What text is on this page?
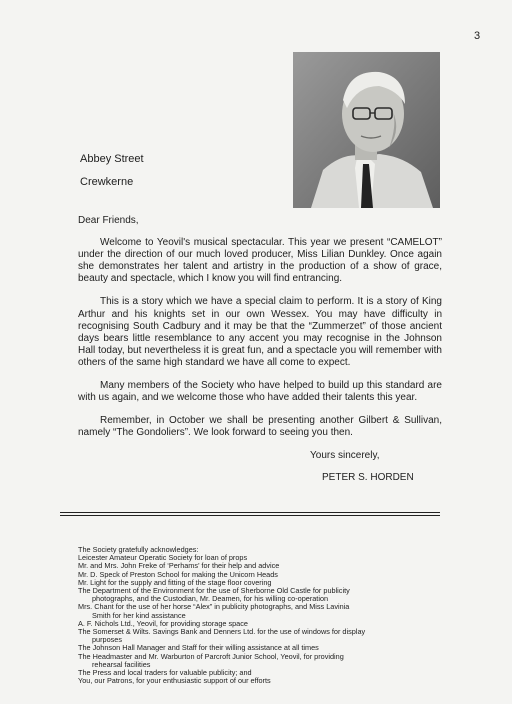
3
Abbey Street
Crewkerne

Dear Friends,

Welcome to Yeovil's musical spectacular. This year we present “CAMELOT” under the direction of our much loved producer, Miss Lilian Dunkley. Once again she demonstrates her talent and artistry in the production of a show of grace, beauty and spectacle, which I know you will find entrancing.

This is a story which we have a special claim to perform. It is a story of King Arthur and his knights set in our own Wessex. You may have difficulty in recognising South Cadbury and it may be that the “Zummerzet” of those ancient days bears little resemblance to any accent you may recognise in the Johnson Hall today, but nevertheless it is great fun, and a spectacle you will remember with others of the same high standard we have all come to expect.

Many members of the Society who have helped to build up this standard are with us again, and we welcome those who have added their talents this year.

Remember, in October we shall be presenting another Gilbert & Sullivan, namely “The Gondoliers”. We look forward to seeing you then.

Yours sincerely,
PETER S. HORDEN
The Society gratefully acknowledges:
Leicester Amateur Operatic Society for loan of props
Mr. and Mrs. John Freke of ‘Perhams’ for their help and advice
Mr. D. Speck of Preston School for making the Unicorn Heads
Mr. Light for the supply and fitting of the stage floor covering
The Department of the Environment for the use of Sherborne Old Castle for publicity
photographs, and the Custodian, Mr. Deamen, for his willing co-operation
Mrs. Chant for the use of her horse “Alex” in publicity photographs, and Miss Lavinia
Smith for her kind assistance
A. F. Nichols Ltd., Yeovil, for providing storage space
The Somerset & Wilts. Savings Bank and Denners Ltd. for the use of windows for display
purposes
The Johnson Hall Manager and Staff for their willing assistance at all times
The Headmaster and Mr. Warburton of Parcroft Junior School, Yeovil, for providing
rehearsal facilities
The Press and local traders for valuable publicity; and
You, our Patrons, for your enthusiastic support of our efforts
